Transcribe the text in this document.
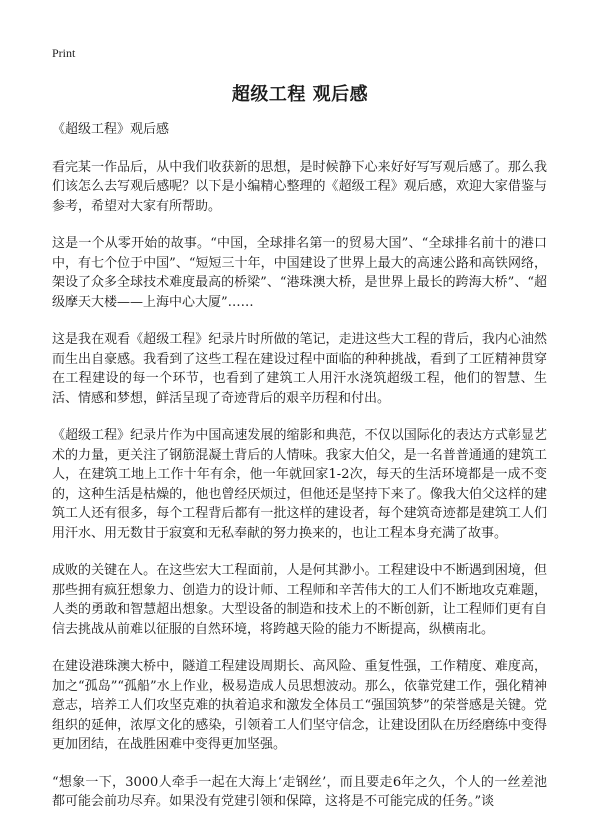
Print
超级工程 观后感

《超级工程》观后感

看完某一作品后，从中我们收获新的思想，是时候静下心来好好写写观后感了。那么我们该怎么去写观后感呢？以下是小编精心整理的《超级工程》观后感，欢迎大家借鉴与参考，希望对大家有所帮助。

这是一个从零开始的故事。“中国，全球排名第一的贸易大国”、“全球排名前十的港口中，有七个位于中国”、“短短三十年，中国建设了世界上最大的高速公路和高铁网络，架设了众多全球技术难度最高的桥梁”、“港珠澳大桥，是世界上最长的跨海大桥”、“超级摩天大楼——上海中心大厦”……

这是我在观看《超级工程》纪录片时所做的笔记，走进这些大工程的背后，我内心油然而生出自豪感。我看到了这些工程在建设过程中面临的种种挑战，看到了工匠精神贯穿在工程建设的每一个环节，也看到了建筑工人用汗水浇筑超级工程，他们的智慧、生活、情感和梦想，鲜活呈现了奇迹背后的艰辛历程和付出。

《超级工程》纪录片作为中国高速发展的缩影和典范，不仅以国际化的表达方式彰显艺术的力量，更关注了钢筋混凝土背后的人情味。我家大伯父，是一名普普通通的建筑工人，在建筑工地上工作十年有余，他一年就回家1-2次，每天的生活环境都是一成不变的，这种生活是枯燥的，他也曾经厌烦过，但他还是坚持下来了。像我大伯父这样的建筑工人还有很多，每个工程背后都有一批这样的建设者，每个建筑奇迹都是建筑工人们用汗水、用无数甘于寂寞和无私奉献的努力换来的，也让工程本身充满了故事。

成败的关键在人。在这些宏大工程面前，人是何其渺小。工程建设中不断遇到困境，但那些拥有疯狂想象力、创造力的设计师、工程师和辛苦伟大的工人们不断地攻克难题，人类的勇敢和智慧超出想象。大型设备的制造和技术上的不断创新，让工程师们更有自信去挑战从前难以征服的自然环境，将跨越天险的能力不断提高，纵横南北。

在建设港珠澳大桥中，隧道工程建设周期长、高风险、重复性强，工作精度、难度高，加之“孤岛”“孤船”水上作业，极易造成人员思想波动。那么，依靠党建工作，强化精神意志，培养工人们攻坚克难的执着追求和激发全体员工“强国筑梦”的荣誉感是关键。党组织的延伸，浓厚文化的感染，引领着工人们坚守信念，让建设团队在历经磨练中变得更加团结，在战胜困难中变得更加坚强。

“想象一下，3000人牵手一起在大海上‘走钢丝’，而且要走6年之久，个人的一丝差池都可能会前功尽弃。如果没有党建引领和保障，这将是不可能完成的任务。”谈
